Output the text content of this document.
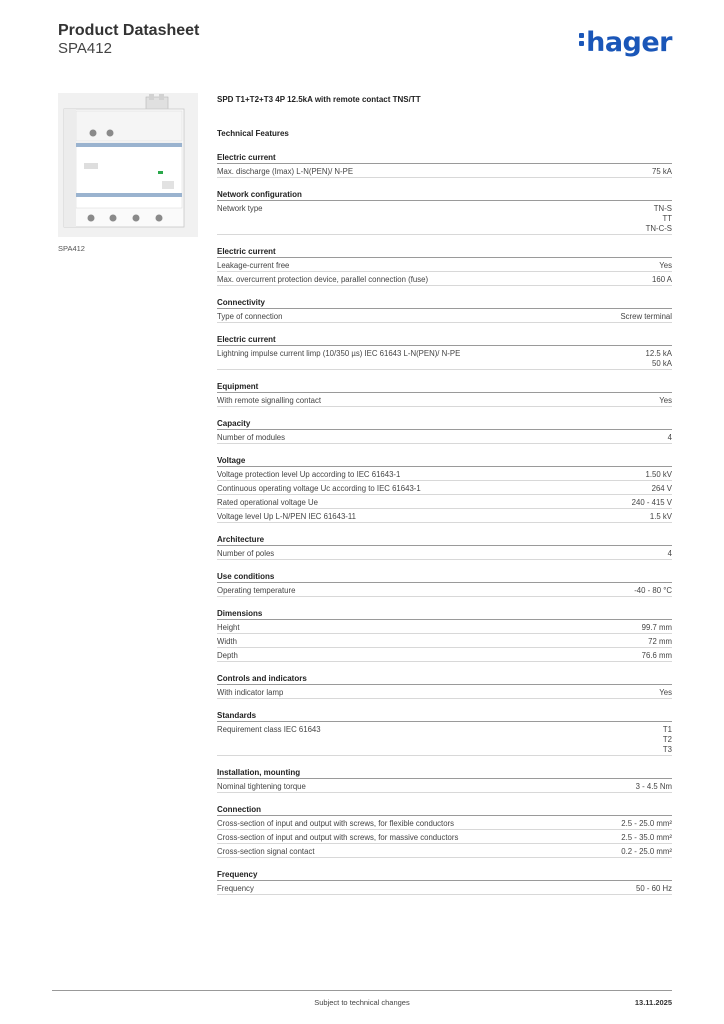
Product Datasheet
SPA412	hager
SPA412
SPD T1+T2+T3 4P 12.5kA with remote contact TNS/TT
Technical Features
Electric current
Max. discharge (Imax) L-N(PEN)/ N-PE	75 kA
Network configuration
Network type	TN-S
TT
TN-C-S
Electric current
Leakage-current free	Yes
Max. overcurrent protection device, parallel connection (fuse)	160 A
Connectivity
Type of connection	Screw terminal
Electric current
Lightning impulse current limp (10/350 µs) IEC 61643 L-N(PEN)/ N-PE	12.5 kA
50 kA
Equipment
With remote signalling contact	Yes
Capacity
Number of modules	4
Voltage
Voltage protection level Up according to IEC 61643-1	1.50 kV
Continuous operating voltage Uc according to IEC 61643-1	264 V
Rated operational voltage Ue	240 - 415 V
Voltage level Up L-N/PEN IEC 61643-11	1.5 kV
Architecture
Number of poles	4
Use conditions
Operating temperature	-40 - 80 °C
Dimensions
Height	99.7 mm
Width	72 mm
Depth	76.6 mm
Controls and indicators
With indicator lamp	Yes
Standards
Requirement class IEC 61643	T1
T2
T3
Installation, mounting
Nominal tightening torque	3 - 4.5 Nm
Connection
Cross-section of input and output with screws, for flexible conductors	2.5 - 25.0 mm²
Cross-section of input and output with screws, for massive conductors	2.5 - 35.0 mm²
Cross-section signal contact	0.2 - 25.0 mm²
Frequency
Frequency	50 - 60 Hz
Subject to technical changes	13.11.2025
